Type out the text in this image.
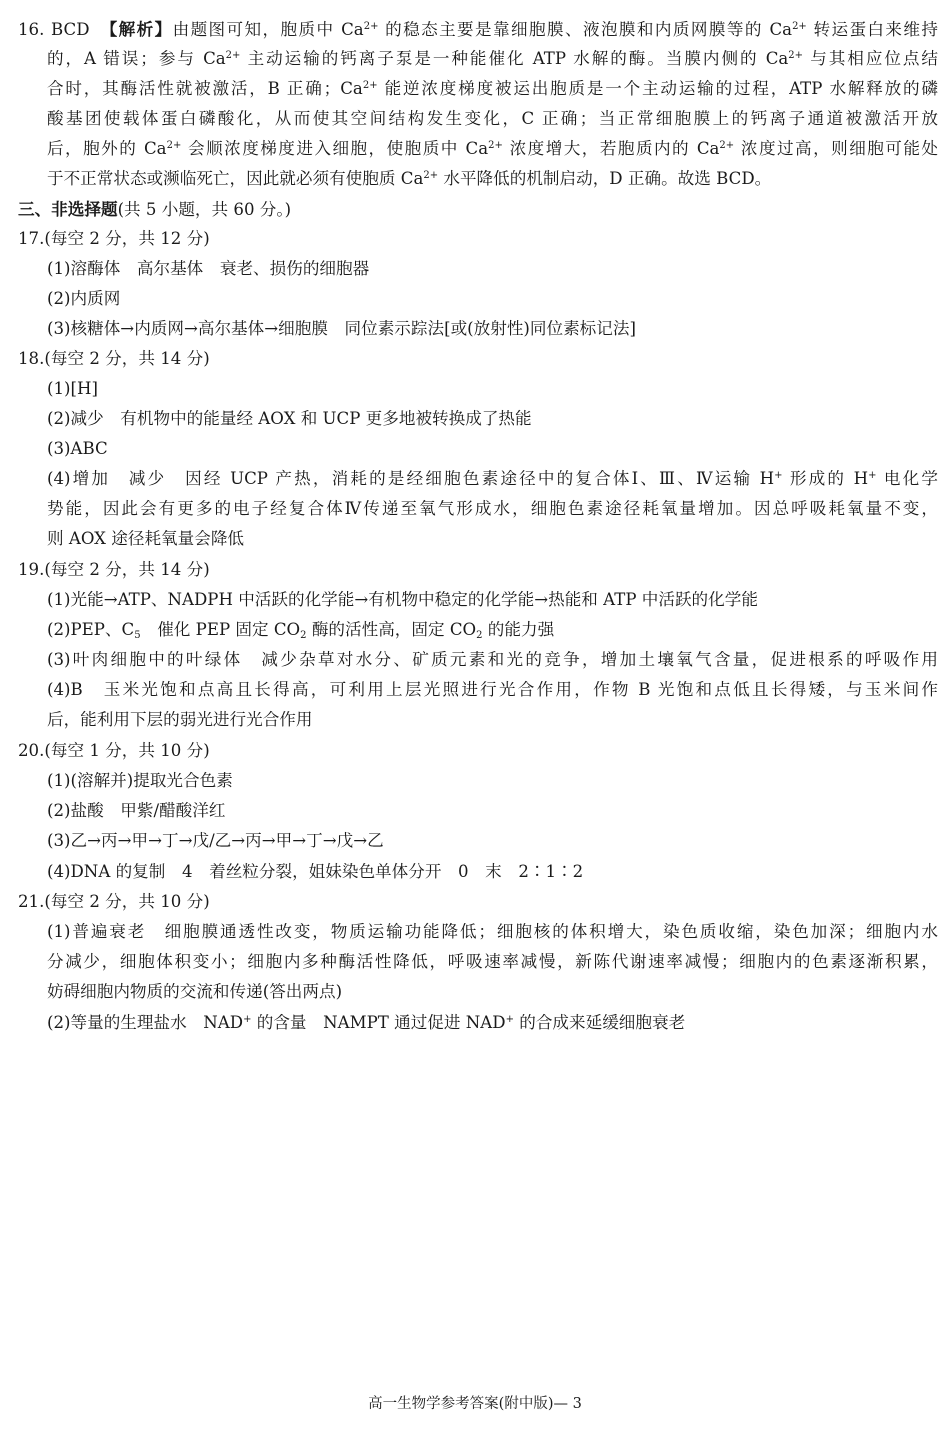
16. BCD　【解析】由题图可知，胞质中 $Ca^{2+}$ 的稳态主要是靠细胞膜、液泡膜和内质网膜等的 $Ca^{2+}$ 转运蛋白来维持
的，A 错误；参与 $Ca^{2+}$ 主动运输的钙离子泵是一种能催化 ATP 水解的酶。当膜内侧的 $Ca^{2+}$ 与其相应位点结
合时，其酶活性就被激活，B 正确；$Ca^{2+}$ 能逆浓度梯度被运出胞质是一个主动运输的过程，ATP 水解释放的磷
酸基团使载体蛋白磷酸化，从而使其空间结构发生变化，C 正确；当正常细胞膜上的钙离子通道被激活开放
后，胞外的 $Ca^{2+}$ 会顺浓度梯度进入细胞，使胞质中 $Ca^{2+}$ 浓度增大，若胞质内的 $Ca^{2+}$ 浓度过高，则细胞可能处
于不正常状态或濒临死亡，因此就必须有使胞质 $Ca^{2+}$ 水平降低的机制启动，D 正确。故选 BCD。
三、非选择题(共 5 小题，共 60 分。)
17.(每空 2 分，共 12 分)
(1)溶酶体　高尔基体　衰老、损伤的细胞器
(2)内质网
(3)核糖体→内质网→高尔基体→细胞膜　同位素示踪法[或(放射性)同位素标记法]
18.(每空 2 分，共 14 分)
(1)[H]
(2)减少　有机物中的能量经 AOX 和 UCP 更多地被转换成了热能
(3)ABC
(4)增加　减少　因经 UCP 产热，消耗的是经细胞色素途径中的复合体Ⅰ、Ⅲ、Ⅳ运输 H+ 形成的 H+ 电化学
势能，因此会有更多的电子经复合体Ⅳ传递至氧气形成水，细胞色素途径耗氧量增加。因总呼吸耗氧量不变，
则 AOX 途径耗氧量会降低
19.(每空 2 分，共 14 分)
(1)光能→ATP、NADPH 中活跃的化学能→有机物中稳定的化学能→热能和 ATP 中活跃的化学能
(2)PEP、$C_5$　催化 PEP 固定 $CO_2$ 酶的活性高，固定 $CO_2$ 的能力强
(3)叶肉细胞中的叶绿体　减少杂草对水分、矿质元素和光的竞争，增加土壤氧气含量，促进根系的呼吸作用
(4)B　玉米光饱和点高且长得高，可利用上层光照进行光合作用，作物 B 光饱和点低且长得矮，与玉米间作
后，能利用下层的弱光进行光合作用
20.(每空 1 分，共 10 分)
(1)(溶解并)提取光合色素
(2)盐酸　甲紫/醋酸洋红
(3)乙→丙→甲→丁→戊/乙→丙→甲→丁→戊→乙
(4)DNA 的复制　4　着丝粒分裂，姐妹染色单体分开　0　末　2∶1∶2
21.(每空 2 分，共 10 分)
(1)普遍衰老　细胞膜通透性改变，物质运输功能降低；细胞核的体积增大，染色质收缩，染色加深；细胞内水
分减少，细胞体积变小；细胞内多种酶活性降低，呼吸速率减慢，新陈代谢速率减慢；细胞内的色素逐渐积累，
妨碍细胞内物质的交流和传递(答出两点)
(2)等量的生理盐水　NAD+ 的含量　NAMPT 通过促进 NAD+ 的合成来延缓细胞衰老
高一生物学参考答案(附中版)— 3
